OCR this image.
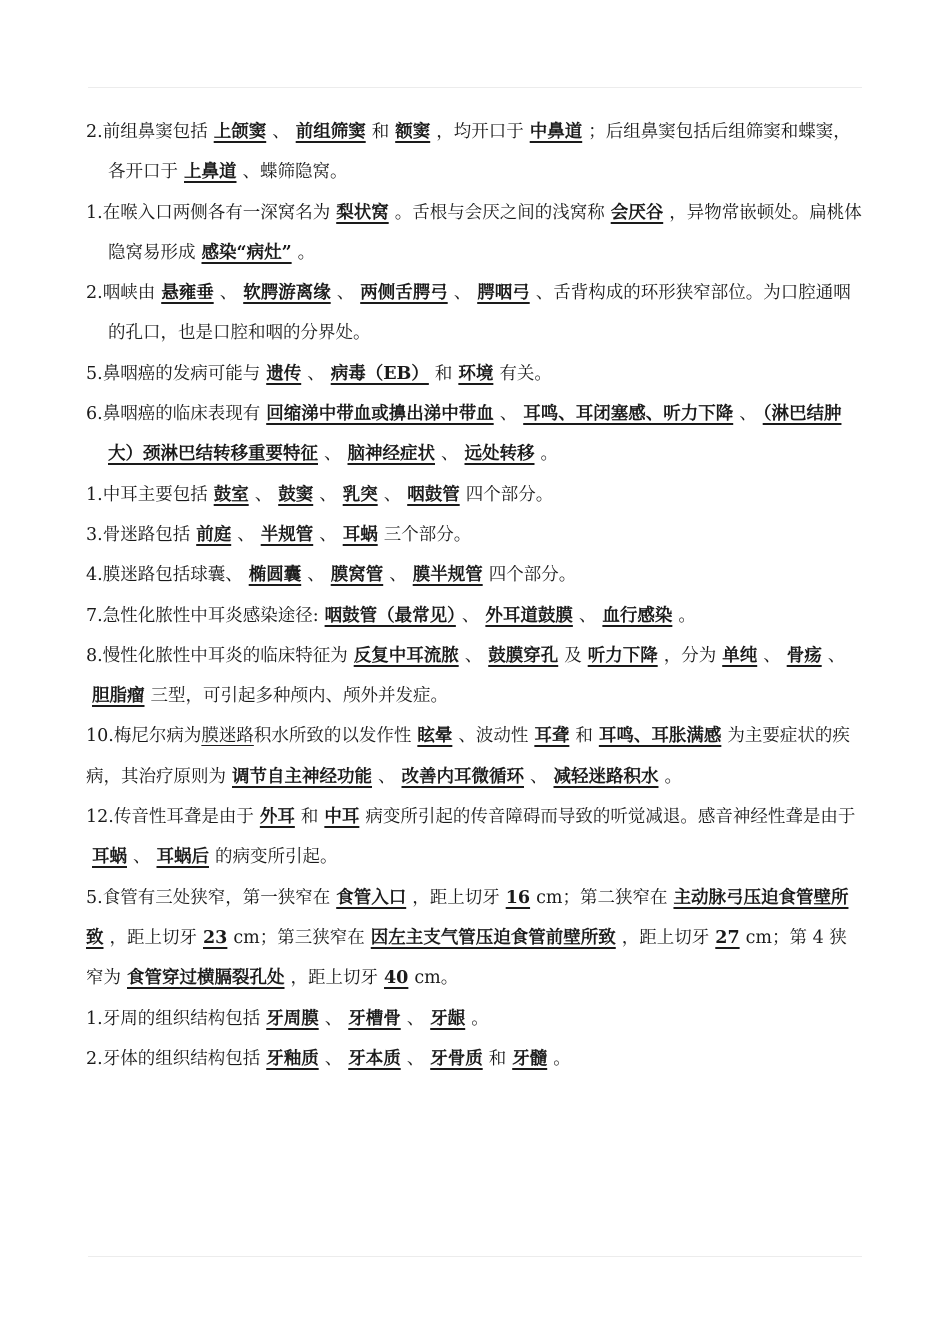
2.前组鼻窦包括 上颌窦 、 前组筛窦 和 额窦 ，均开口于 中鼻道 ；后组鼻窦包括后组筛窦和蝶窦，各开口于 上鼻道 、蝶筛隐窝。

1.在喉入口两侧各有一深窝名为 梨状窝 。舌根与会厌之间的浅窝称 会厌谷 ，异物常嵌顿处。扁桃体隐窝易形成 感染“病灶” 。

2.咽峡由 悬雍垂 、 软腭游离缘 、 两侧舌腭弓 、 腭咽弓 、舌背构成的环形狭窄部位。为口腔通咽的孔口，也是口腔和咽的分界处。

5.鼻咽癌的发病可能与 遗传 、 病毒（EB） 和 环境 有关。

6.鼻咽癌的临床表现有 回缩涕中带血或擤出涕中带血 、 耳鸣、耳闭塞感、听力下降 、 （淋巴结肿大）颈淋巴结转移重要特征 、 脑神经症状 、 远处转移 。

1.中耳主要包括 鼓室 、 鼓窦 、 乳突 、 咽鼓管 四个部分。

3.骨迷路包括 前庭 、 半规管 、 耳蜗 三个部分。

4.膜迷路包括球囊、 椭圆囊 、 膜窝管 、 膜半规管 四个部分。

7.急性化脓性中耳炎感染途径: 咽鼓管（最常见） 、 外耳道鼓膜 、 血行感染 。

8.慢性化脓性中耳炎的临床特征为 反复中耳流脓 、 鼓膜穿孔 及 听力下降 ，分为 单纯 、 骨疡 、胆脂瘤 三型，可引起多种颅内、颅外并发症。

10.梅尼尔病为膜迷路积水所致的以发作性 眩晕 、波动性 耳聋 和 耳鸣、耳胀满感 为主要症状的疾病，其治疗原则为 调节自主神经功能 、 改善内耳微循环 、 减轻迷路积水 。

12.传音性耳聋是由于 外耳 和 中耳 病变所引起的传音障碍而导致的听觉减退。感音神经性聋是由于耳蜗 、 耳蜗后 的病变所引起。

5.食管有三处狭窄，第一狭窄在 食管入口 ，距上切牙 16 cm；第二狭窄在 主动脉弓压迫食管壁所致 ，距上切牙 23 cm；第三狭窄在 因左主支气管压迫食管前壁所致 ，距上切牙 27 cm；第 4 狭窄为 食管穿过横膈裂孔处 ，距上切牙 40 cm。

1.牙周的组织结构包括 牙周膜 、 牙槽骨 、 牙龈 。

2.牙体的组织结构包括 牙釉质 、 牙本质 、 牙骨质 和 牙髓 。
